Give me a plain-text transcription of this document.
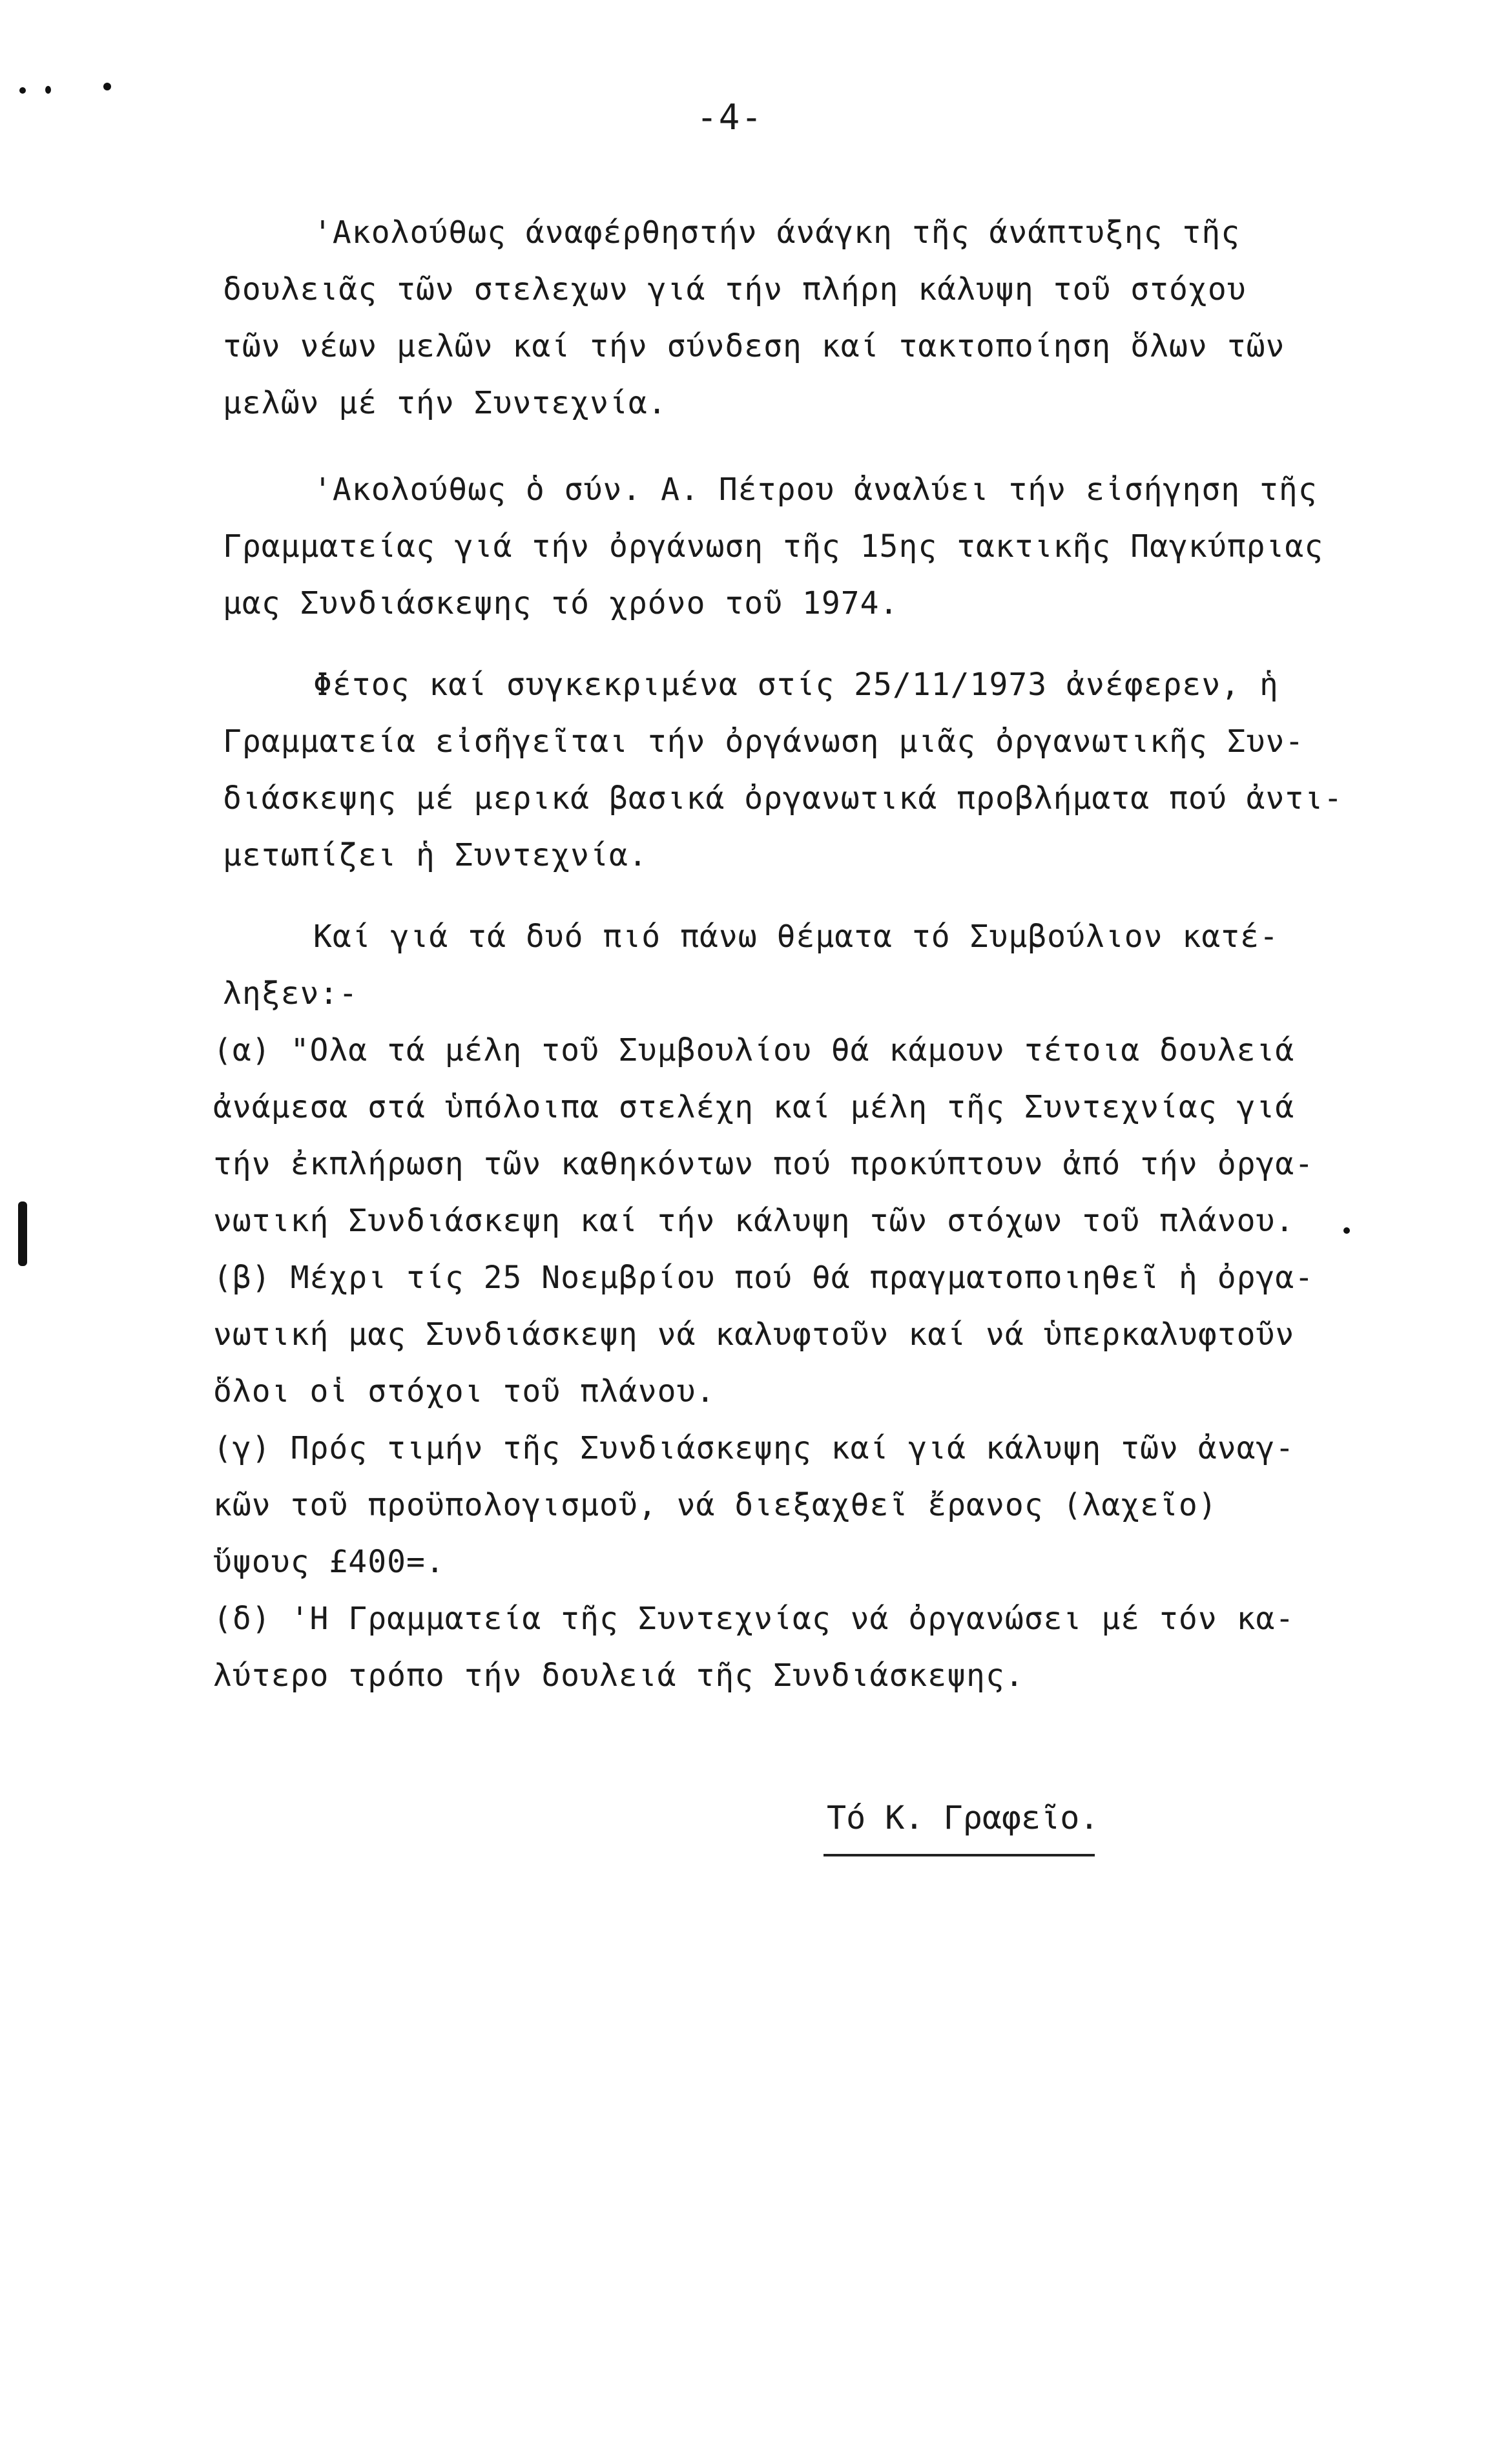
-4-
'Ακολούθως άναφέρθηστήν άνάγκη τῆς άνάπτυξης τῆς
δουλειᾶς τῶν στελεχων γιά τήν πλήρη κάλυψη τοῦ στόχου
τῶν νέων μελῶν καί τήν σύνδεση καί τακτοποίηση ὅλων τῶν
μελῶν μέ τήν Συντεχνία.
'Ακολούθως ὁ σύν. Α. Πέτρου ἀναλύει τήν εἰσήγηση τῆς
Γραμματείας γιά τήν ὀργάνωση τῆς 15ης τακτικῆς Παγκύπριας
μας Συνδιάσκεψης τό χρόνο τοῦ 1974.
Φέτος καί συγκεκριμένα στίς 25/11/1973 ἀνέφερεν, ἡ
Γραμματεία εἰσῆγεῖται τήν ὀργάνωση μιᾶς ὀργανωτικῆς Συν-
διάσκεψης μέ μερικά βασικά ὀργανωτικά προβλήματα πού ἀντι-
μετωπίζει ἡ Συντεχνία.
Καί γιά τά δυό πιό πάνω θέματα τό Συμβούλιον κατέ-
ληξεν:-
(α) "Ολα τά μέλη τοῦ Συμβουλίου θά κάμουν τέτοια δουλειά
ἀνάμεσα στά ὑπόλοιπα στελέχη καί μέλη τῆς Συντεχνίας γιά
τήν ἐκπλήρωση τῶν καθηκόντων πού προκύπτουν ἀπό τήν ὀργα-
νωτική Συνδιάσκεψη καί τήν κάλυψη τῶν στόχων τοῦ πλάνου.
(β) Μέχρι τίς 25 Νοεμβρίου πού θά πραγματοποιηθεῖ ἡ ὀργα-
νωτική μας Συνδιάσκεψη νά καλυφτοῦν καί νά ὑπερκαλυφτοῦν
ὅλοι οἱ στόχοι τοῦ πλάνου.
(γ) Πρός τιμήν τῆς Συνδιάσκεψης καί γιά κάλυψη τῶν ἀναγ-
κῶν τοῦ προϋπολογισμοῦ, νά διεξαχθεῖ ἔρανος (λαχεῖο)
ὕψους £400=.
(δ) 'Η Γραμματεία τῆς Συντεχνίας νά ὀργανώσει μέ τόν κα-
λύτερο τρόπο τήν δουλειά τῆς Συνδιάσκεψης.
Τό Κ. Γραφεῖο.
